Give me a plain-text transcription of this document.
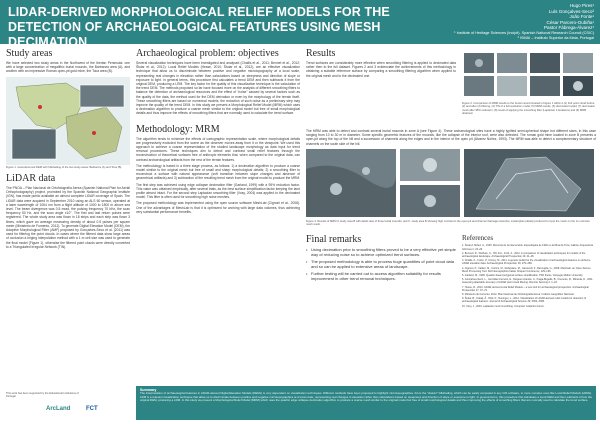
LIDAR-DERIVED MORPHOLOGICAL RELIEF MODELS FOR THE DETECTION OF ARCHAEOLOGICAL FEATURES USING MESH DECIMATION
Hugo Pires¹
Luís Gonçalves-Seco²
João Fonte¹
César Parcero-Oubiña¹
Pastor Fábrega-Álvarez¹
¹ Institute of Heritage Sciences (Incipit). Spanish National Research Council (CSIC)
² ISMAI – Instituto Superior da Maia, Portugal
Study areas

We have selected two study areas in the Northwest of the Iberian Peninsula: one with a large concentration of megalithic burial mounds, the Barbanza area (A), and another with an impressive Roman open-pit gold mine, the Toca area (B).

Figure 1. Georeferenced DEM with hillshading of the two study areas: Barbanza (A) and Toca (B).
LiDAR data

The PNOA – Plan Nacional de Ortofotografía Aérea (Spanish National Plan for Aerial Orthophotography) project, promoted by the Spanish National Geographic Institute (IGN), has made public available an almost complete LiDAR coverage of Spain. The LiDAR data were acquired in September 2010 using an ALS 60 sensor, operated at a laser wavelength of 1064 nm from a flight altitude of 1000 to 1800 m above sea level. The beam divergence was 0.5 mrad, the pulsing frequency 70 kHz, the scan frequency 50 Hz, and the scan angle ±10°. The first and last return pulses were registered. The whole study area was flown in 18 strips and each strip was flown 3 times, which gave an average measuring density of about 0.5 pulses per square meter (Ministerio de Fomento, 2012). To generate Digital Elevation Model (DEM), the Adaptive Morphological Filter (AMF) proposed by Gonçalves-Seco et al. (2011) was used for filtering the point clouds. In cases where the filtered data show large areas of occlusion a kriging interpolation method with a 1 m cell size was used to generate the final model (Figure 1), otherwise the filtered point clouds were directly converted to a Triangulated Irregular Network (TIN).

This work has been supported by the Educational Institutions of Portugal
ArcLand	FCT
Archaeological problem: objectives

Several visualization techniques have been investigated and analysed (Challis et al., 2011; Bennet et al., 2012; Štular et al., 2012). Local Relief Models (Hesse, 2010; Štular et al., 2012), are an effective visualization technique that allow us to discriminate between positive and negative microtopography at a local scale, representing real changes in elevation rather than calculations based on steepness and direction of slope or exposure to light. In general terms, this procedure first calculates a trend DEM and then subtracts it from the original DEM, producing a LRM. The key factor for the quality of this visualization technique is the calculation of the trend DEM. The methods proposed so far have focused more on the analysis of different smoothing filters to balance the detection of archaeological resources and the effect of "noise" caused by several factors such as the quality of the data, the method used for the DEM derivation or even by the morphology of the terrain itself. These smoothing filters are based on numerical models, the reduction of such noise as a preliminary step may improve the quality of the trend DEM. In this study we present a Morphological Relief Model (MRM) which uses a decimation algorithm to produce a coarse mesh similar to the original model but free of small morphological details and thus improve the effects of smoothing filters that are normally used to calculate the trend surface.

Methodology: MRM

The algorithm tends to minimize the effects of cartographic representation scale, where morphological details are progressively excluded from the scene as the observer moves away from it or the viewpoint. We used this approach to achieve a coarse representation of the studied landscape morphology as data input for trend removal procedures. These techniques aim to detect and contrast small relief features through the reconstruction of theoretical surfaces free of anthropic elements that, when compared to the original data, can contrast archaeological artifacts from the rest of the terrain features.

The methodology is based in a three stage process, as follows: 1) a decimation algorithm to produce a coarse model similar to the original mesh but free of small and sharp morphological details; 2) a smoothing filter to reconstruct a surface with natural appearance (soft transition between slope changes and absence of geometrical artifacts) and 3) subtraction of the resulting trend mesh from the original model to produce the MRM.

The first step was achieved using edge collapse decimation filter (Garland, 1999) with a 95% reduction factor. This value was obtained empirically, after several trials, as the best surface simplification factor keeping the land profile almost intact. For the second step Laplacian smoothing filter (Vosy, 2004) was applied to the decimated model. This filter is often used for smoothing high noise meshes.

The proposed methodology was implemented using the open source software MeshLab (Cignoni et al., 2008). One of the advantages of MeshLab is that it is optimized for working with large data volumes, thus achieving very substantial performance benefits.

Results

Trend surfaces are considerably more effective when smoothing filtering is applied to decimated data rather then to the full dataset. Figures 2 and 3 evidenciate the achievements of this methodology in obtaining a suitable reference surface by comparing a smoothing filtering algorithm when applied to the original mesh and to the decimated one.

Figure 2. Comparison of MRM results to the burial mound located in Figure 1 within A (1) Full point cloud before (2) and after (3) filtering; (4) TIN of a full-resolution model; (5) MRM results, (6) decimated model; (7) decimated mesh after 95% reduction; (8) result of applying the smoothing filter (Laplacian 4 iterations) and (9) MRM obtained.

The MRM was able to detect and contrast several burial mounds in zone A (see Figure 4). These archaeological sites have a highly typified semi-spherical shape but different sizes, in this case ranging from 10 to 30 m in diameter. Some specific geometric features of the mounds, like the collapse of the interior roof, were also detected. The roman gold mine located in zone B presents a open-pit along the top of the hill and a succession of channels along the edges and in the interior of the open pit (Álvarez Núñez, 1993). The MRM was able to detect a complementary structure of channels on the south side of the hill.

Figure 3. Results of MRM in study area B with detail view of three burial mounds; and C: study area B showing high contrast in the open-pit and channel drainage networks; scatterplots (detail) produced to input the mesh on the 1m cell size mesh result.
Final remarks
• Using decimation prior to smoothing filters proved to be a very effective yet simple way of reducing noise so to achieve optimized trend surfaces.
• The proposed methodology is able to process huge quantities of point cloud data and so can be applied to extensive areas of landscape.
• Further testing will be carried out to access algorithm suitability for results improvement in other trend removal techniques.
References
1. Álvarez Núñez, A., 1993. Memoria de la intervención arqueológica de 1992 en la Mina da Toca, Galicia. Arqueoloxía Informes 2, 23–26.
2. Bennett, R., Welham, K., Hill, R.A., Ford, A., 2012. A comparison of visualization techniques for models of the archaeological landscape. Archaeological Prospection 19, 41–48.
3. Challis, K., Forlin, P., Kincey, M., 2011. A generic toolkit for the visualization of archaeological features on airborne LiDAR elevation data. Archaeological Prospection 18, 279–289.
4. Cignoni, P., Callieri, M., Corsini, M., Dellepiane, M., Ganovelli, F., Ranzuglia, G., 2008. MeshLab: an Open-Source Mesh Processing Tool. Sixth Eurographics Italian Chapter Conference, 129–136.
5. Garland, M., 1999. Quadric-based polygonal surface simplification. PhD thesis, Carnegie Mellon University.
6. Gonçalves-Seco, L., González-Ferreiro, E., Diéguez-Aranda, U., Fraga-Bugallo, B., Crecente, R., Miranda, D., 2011. Assessing attainable accuracy of LiDAR point cloud filtering. Remote Sensing 3, 1–23.
7. Hesse, R., 2010. LiDAR-derived Local Relief Models – a new tool for archaeological prospection. Archaeological Prospection 17, 67–72.
8. Ministerio de Fomento, 2012. Plan Nacional de Ortofotografía Aérea. Instituto Geográfico Nacional.
9. Štular, B., Kokalj, Ž., Oštir, K., Nuninger, L., 2012. Visualization of LiDAR-derived relief models for detection of archaeological features. Journal of Archaeological Science 39, 3354–3360.
10. Vosy, J., 2004. Laplacian mesh smoothing. Computer Graphics Forum.
Summary
The interpretation of archaeological features in LiDAR-derived Digital Elevation Models (DEMs) is very dependent on visualization techniques. Different methods have been proposed to highlight microtopographies. From the "classic" hillshading, which can be easily computed in any GIS software, to more complex ones like Local Relief Models (LRMs). LRM is a relevant visualization technique that allow us to discriminate between positive and negative microtopographies at a local scale, representing real changes in elevation rather than calculations based on steepness and direction of slope or exposure to light. In general terms, this procedure first calculates a trend DEM and then subtracts it from the original DEM, producing a LRM. In this study we present a Morphological Relief Model (MRM) which uses the quadric edge collapse decimation algorithm to produce a coarse mesh similar to the original model but free of small morphological details and thus improving the effects of smoothing filters that are normally used to calculate the trend surface.
